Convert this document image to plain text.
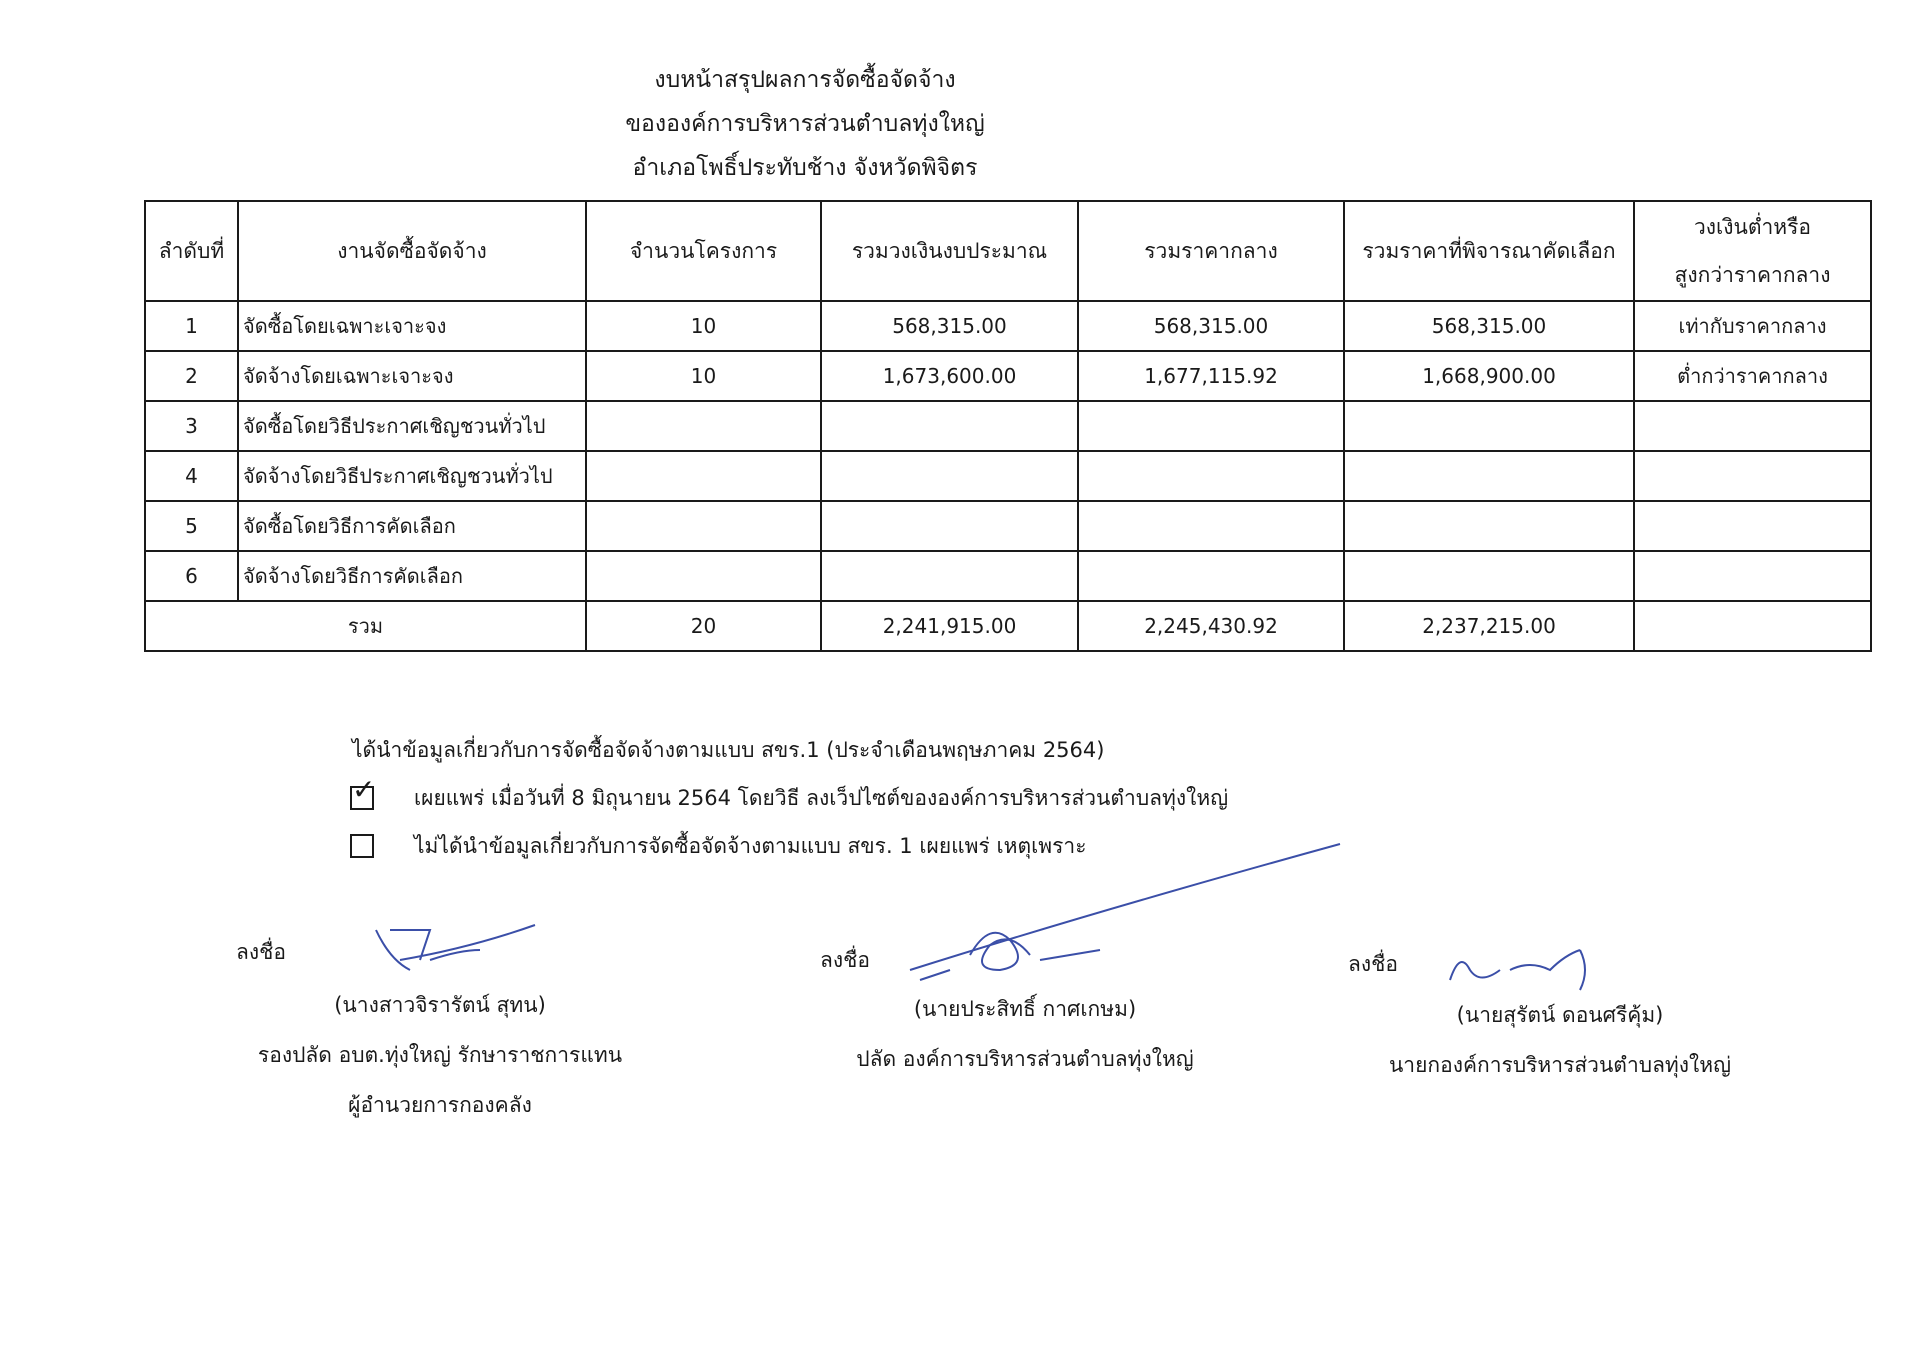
งบหน้าสรุปผลการจัดซื้อจัดจ้าง
ขององค์การบริหารส่วนตำบลทุ่งใหญ่
อำเภอโพธิ์ประทับช้าง จังหวัดพิจิตร
ลำดับที่	งานจัดซื้อจัดจ้าง	จำนวนโครงการ	รวมวงเงินงบประมาณ	รวมราคากลาง	รวมราคาที่พิจารณาคัดเลือก	วงเงินต่ำหรือ
สูงกว่าราคากลาง

1	จัดซื้อโดยเฉพาะเจาะจง	10	568,315.00	568,315.00	568,315.00	เท่ากับราคากลาง
2	จัดจ้างโดยเฉพาะเจาะจง	10	1,673,600.00	1,677,115.92	1,668,900.00	ต่ำกว่าราคากลาง
3	จัดซื้อโดยวิธีประกาศเชิญชวนทั่วไป					
4	จัดจ้างโดยวิธีประกาศเชิญชวนทั่วไป					
5	จัดซื้อโดยวิธีการคัดเลือก					
6	จัดจ้างโดยวิธีการคัดเลือก					
รวม		20	2,241,915.00	2,245,430.92	2,237,215.00	
ได้นำข้อมูลเกี่ยวกับการจัดซื้อจัดจ้างตามแบบ สขร.1 (ประจำเดือนพฤษภาคม 2564)
✓ เผยแพร่ เมื่อวันที่ 8 มิถุนายน 2564 โดยวิธี ลงเว็ปไซต์ขององค์การบริหารส่วนตำบลทุ่งใหญ่
ไม่ได้นำข้อมูลเกี่ยวกับการจัดซื้อจัดจ้างตามแบบ สขร. 1 เผยแพร่ เหตุเพราะ
ลงชื่อ
(นางสาวจิรารัตน์ สุทน)
รองปลัด อบต.ทุ่งใหญ่ รักษาราชการแทน
ผู้อำนวยการกองคลัง
ลงชื่อ
(นายประสิทธิ์ กาศเกษม)
ปลัด องค์การบริหารส่วนตำบลทุ่งใหญ่
ลงชื่อ
(นายสุรัตน์ ดอนศรีคุ้ม)
นายกองค์การบริหารส่วนตำบลทุ่งใหญ่
